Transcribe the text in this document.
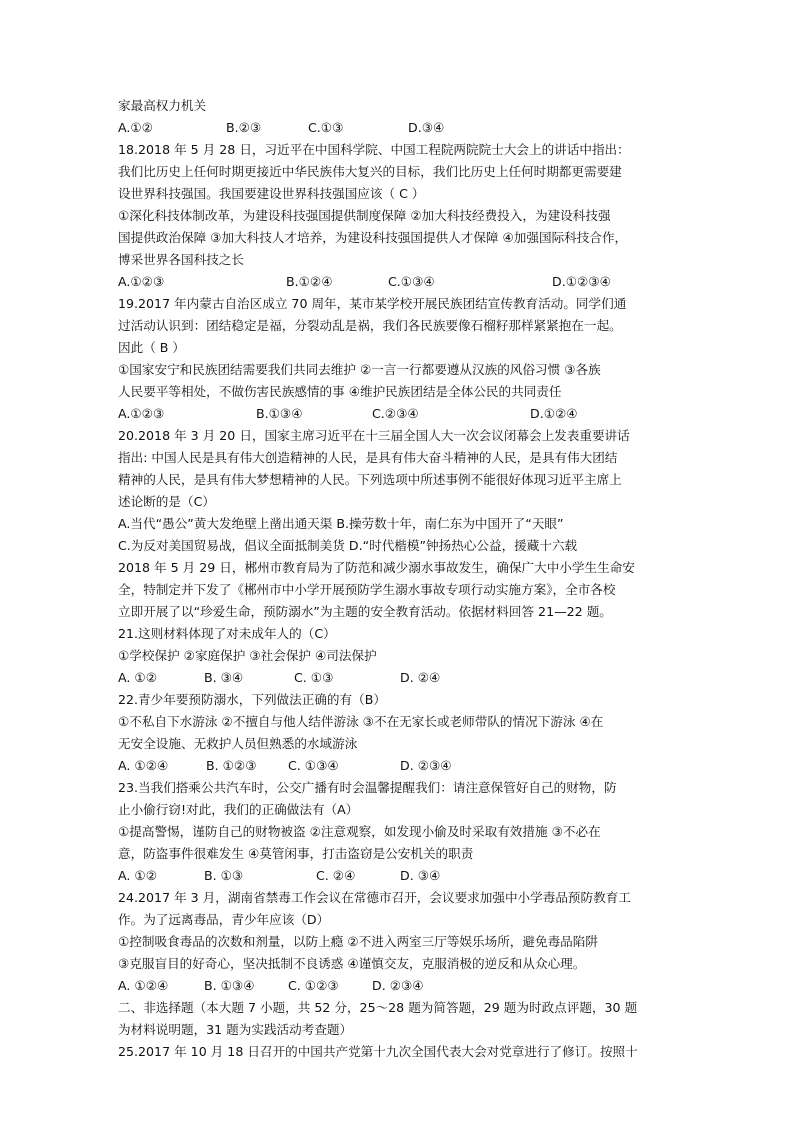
家最高权力机关
A.①②	B.②③	C.①③	D.③④
18.2018 年 5 月 28 日，习近平在中国科学院、中国工程院两院院士大会上的讲话中指出：
我们比历史上任何时期更接近中华民族伟大复兴的目标，我们比历史上任何时期都更需要建
设世界科技强国。我国要建设世界科技强国应该（ C ）
①深化科技体制改革，为建设科技强国提供制度保障 ②加大科技经费投入，为建设科技强
国提供政治保障 ③加大科技人才培养，为建设科技强国提供人才保障 ④加强国际科技合作，
博采世界各国科技之长
A.①②③	B.①②④	C.①③④	D.①②③④
19.2017 年内蒙古自治区成立 70 周年，某市某学校开展民族团结宣传教育活动。同学们通
过活动认识到：团结稳定是福，分裂动乱是祸，我们各民族要像石榴籽那样紧紧抱在一起。
因此（ B ）
①国家安宁和民族团结需要我们共同去维护 ②一言一行都要遵从汉族的风俗习惯 ③各族
人民要平等相处，不做伤害民族感情的事 ④维护民族团结是全体公民的共同责任
A.①②③	B.①③④	C.②③④	D.①②④
20.2018 年 3 月 20 日，国家主席习近平在十三届全国人大一次会议闭幕会上发表重要讲话
指出: 中国人民是具有伟大创造精神的人民，是具有伟大奋斗精神的人民，是具有伟大团结
精神的人民，是具有伟大梦想精神的人民。下列选项中所述事例不能很好体现习近平主席上
述论断的是（C）
A.当代“愚公”黄大发绝壁上凿出通天渠 B.操劳数十年，南仁东为中国开了“天眼”
C.为反对美国贸易战，倡议全面抵制美货 D.“时代楷模”钟扬热心公益，援藏十六载
2018 年 5 月 29 日，郴州市教育局为了防范和减少溺水事故发生，确保广大中小学生生命安
全，特制定并下发了《郴州市中小学开展预防学生溺水事故专项行动实施方案》，全市各校
立即开展了以“珍爱生命，预防溺水”为主题的安全教育活动。依据材料回答 21—22 题。
21.这则材料体现了对未成年人的（C）
①学校保护 ②家庭保护 ③社会保护 ④司法保护
A. ①②	B. ③④	C. ①③	D. ②④
22.青少年要预防溺水，下列做法正确的有（B）
①不私自下水游泳 ②不擅自与他人结伴游泳 ③不在无家长或老师带队的情况下游泳 ④在
无安全设施、无救护人员但熟悉的水域游泳
A. ①②④	B. ①②③ C. ①③④	D. ②③④
23.当我们搭乘公共汽车时，公交广播有时会温馨提醒我们：请注意保管好自己的财物，防
止小偷行窃!对此，我们的正确做法有（A）
①提高警惕，谨防自己的财物被盗 ②注意观察，如发现小偷及时采取有效措施 ③不必在
意，防盗事件很难发生 ④莫管闲事，打击盗窃是公安机关的职责
A. ①②	B. ①③	C. ②④	D. ③④
24.2017 年 3 月，湖南省禁毒工作会议在常德市召开，会议要求加强中小学毒品预防教育工
作。为了远离毒品，青少年应该（D）
①控制吸食毒品的次数和剂量，以防上瘾 ②不进入两室三厅等娱乐场所，避免毒品陷阱
③克服盲目的好奇心，坚决抵制不良诱惑 ④谨慎交友，克服消极的逆反和从众心理。
A. ①②④	B. ①③④	C. ①②③	D. ②③④
二、非选择题（本大题 7 小题，共 52 分，25～28 题为简答题，29 题为时政点评题，30 题
为材料说明题，31 题为实践活动考查题）
25.2017 年 10 月 18 日召开的中国共产党第十九次全国代表大会对党章进行了修订。按照十
